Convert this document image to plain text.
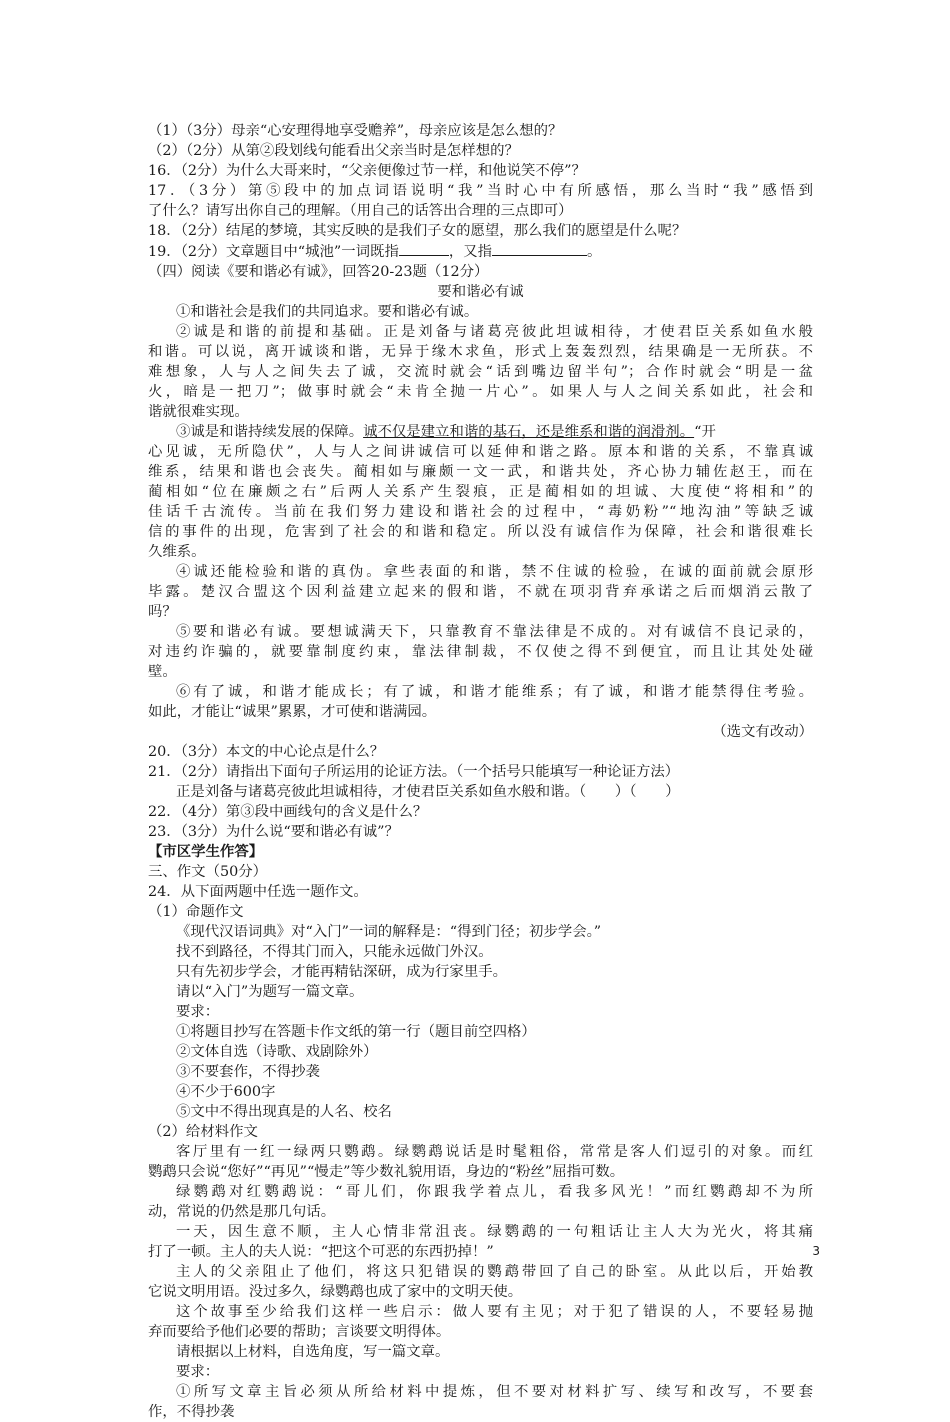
（1）（3分）母亲“心安理得地享受赡养”，母亲应该是怎么想的？
（2）（2分）从第②段划线句能看出父亲当时是怎样想的？
16．（2分）为什么大哥来时，“父亲便像过节一样，和他说笑不停”？
17．（3分）第⑤段中的加点词语说明“我”当时心中有所感悟，那么当时“我”感悟到
了什么？请写出你自己的理解。（用自己的话答出合理的三点即可）
18．（2分）结尾的梦境，其实反映的是我们子女的愿望，那么我们的愿望是什么呢？
19．（2分）文章题目中“城池”一词既指	，又指	。
（四）阅读《要和谐必有诚》，回答20-23题（12分）
要和谐必有诚
①和谐社会是我们的共同追求。要和谐必有诚。
②诚是和谐的前提和基础。正是刘备与诸葛亮彼此坦诚相待，才使君臣关系如鱼水般
和谐。可以说，离开诚谈和谐，无异于缘木求鱼，形式上轰轰烈烈，结果确是一无所获。不
难想象，人与人之间失去了诚，交流时就会“话到嘴边留半句”；合作时就会“明是一盆
火，暗是一把刀”；做事时就会“未肯全抛一片心”。如果人与人之间关系如此，社会和
谐就很难实现。
③诚是和谐持续发展的保障。诚不仅是建立和谐的基石，还是维系和谐的润滑剂。“开
心见诚，无所隐伏”，人与人之间讲诚信可以延伸和谐之路。原本和谐的关系，不靠真诚
维系，结果和谐也会丧失。蔺相如与廉颇一文一武，和谐共处，齐心协力辅佐赵王，而在
蔺相如“位在廉颇之右”后两人关系产生裂痕，正是蔺相如的坦诚、大度使“将相和”的
佳话千古流传。当前在我们努力建设和谐社会的过程中，“毒奶粉”“地沟油”等缺乏诚
信的事件的出现，危害到了社会的和谐和稳定。所以没有诚信作为保障，社会和谐很难长
久维系。
④诚还能检验和谐的真伪。拿些表面的和谐，禁不住诚的检验，在诚的面前就会原形
毕露。楚汉合盟这个因利益建立起来的假和谐，不就在项羽背弃承诺之后而烟消云散了
吗？
⑤要和谐必有诚。要想诚满天下，只靠教育不靠法律是不成的。对有诚信不良记录的，
对违约诈骗的，就要靠制度约束，靠法律制裁，不仅使之得不到便宜，而且让其处处碰
壁。
⑥有了诚，和谐才能成长；有了诚，和谐才能维系；有了诚，和谐才能禁得住考验。
如此，才能让“诚果”累累，才可使和谐满园。
（选文有改动）
20．（3分）本文的中心论点是什么？
21．（2分）请指出下面句子所运用的论证方法。（一个括号只能填写一种论证方法）
正是刘备与诸葛亮彼此坦诚相待，才使君臣关系如鱼水般和谐。（　　）（　　）
22．（4分）第③段中画线句的含义是什么？
23．（3分）为什么说“要和谐必有诚”？
【市区学生作答】
三、作文（50分）
24．从下面两题中任选一题作文。
（1）命题作文
《现代汉语词典》对“入门”一词的解释是：“得到门径；初步学会。”
找不到路径，不得其门而入，只能永远做门外汉。
只有先初步学会，才能再精钻深研，成为行家里手。
请以“入门”为题写一篇文章。
要求：
①将题目抄写在答题卡作文纸的第一行（题目前空四格）
②文体自选（诗歌、戏剧除外）
③不要套作，不得抄袭
④不少于600字
⑤文中不得出现真是的人名、校名
（2）给材料作文
客厅里有一红一绿两只鹦鹉。绿鹦鹉说话是时髦粗俗，常常是客人们逗引的对象。而红
鹦鹉只会说“您好”“再见”“慢走”等少数礼貌用语，身边的“粉丝”屈指可数。
绿鹦鹉对红鹦鹉说：“哥儿们，你跟我学着点儿，看我多风光！”而红鹦鹉却不为所
动，常说的仍然是那几句话。
一天，因生意不顺，主人心情非常沮丧。绿鹦鹉的一句粗话让主人大为光火，将其痛
打了一顿。主人的夫人说：“把这个可恶的东西扔掉！”
主人的父亲阻止了他们，将这只犯错误的鹦鹉带回了自己的卧室。从此以后，开始教
它说文明用语。没过多久，绿鹦鹉也成了家中的文明天使。
这个故事至少给我们这样一些启示：做人要有主见；对于犯了错误的人，不要轻易抛
弃而要给予他们必要的帮助；言谈要文明得体。
请根据以上材料，自选角度，写一篇文章。
要求：
①所写文章主旨必须从所给材料中提炼，但不要对材料扩写、续写和改写，不要套
作，不得抄袭
3
